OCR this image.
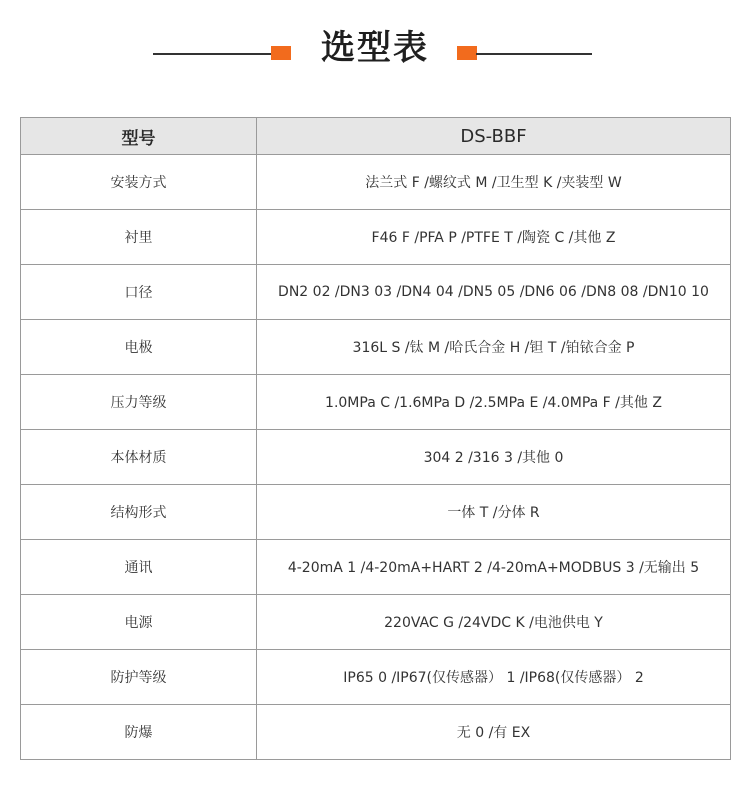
选型表
型号	DS-BBF
安装方式	法兰式 F /螺纹式 M /卫生型 K /夹装型 W
衬里	F46 F /PFA P /PTFE T /陶瓷 C /其他 Z
口径	DN2 02 /DN3 03 /DN4 04 /DN5 05 /DN6 06 /DN8 08 /DN10 10
电极	316L S /钛 M /哈氏合金 H /钽 T /铂铱合金 P
压力等级	1.0MPa C /1.6MPa D /2.5MPa E /4.0MPa F /其他 Z
本体材质	304 2 /316 3 /其他 0
结构形式	一体 T /分体 R
通讯	4-20mA 1 /4-20mA+HART 2 /4-20mA+MODBUS 3 /无输出 5
电源	220VAC G /24VDC K /电池供电 Y
防护等级	IP65 0 /IP67(仅传感器） 1 /IP68(仅传感器） 2
防爆	无 0 /有 EX
